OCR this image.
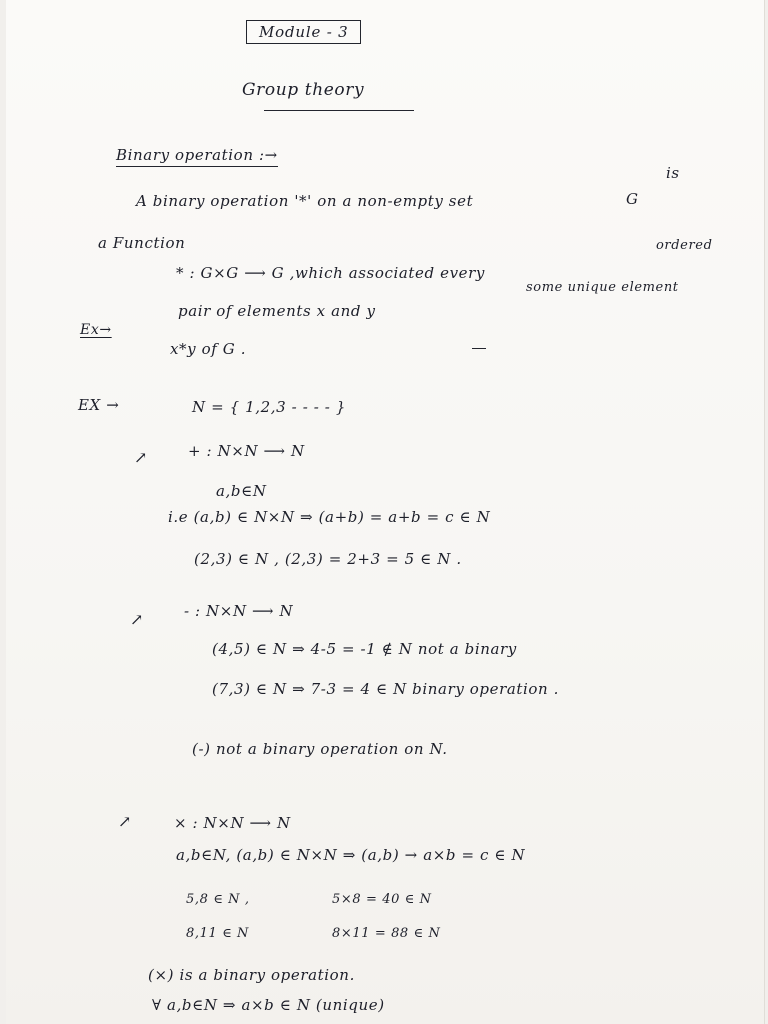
Module - 3
Group theory
Binary operation :→
A binary operation '*' on a non-empty set	G
is
a Function
* : G×G ⟶ G ,which associated every
ordered
pair of elements x and y
some unique element
Ex→
x*y of G .
EX →	N = { 1,2,3 - - - - }
↗	+ : N×N ⟶ N
a,b∈N
i.e (a,b) ∈ N×N ⇒ (a+b) = a+b = c ∈ N
(2,3) ∈ N , (2,3) = 2+3 = 5 ∈ N .
↗	- : N×N ⟶ N
(4,5) ∈ N ⇒ 4-5 = -1 ∉ N not a binary
(7,3) ∈ N ⇒ 7-3 = 4 ∈ N binary operation .
(-) not a binary operation on N.
↗	× : N×N ⟶ N
a,b∈N, (a,b) ∈ N×N ⇒ (a,b) → a×b = c ∈ N
5,8 ∈ N ,	5×8 = 40 ∈ N
8,11 ∈ N	8×11 = 88 ∈ N
(×) is a binary operation.
∀ a,b∈N ⇒ a×b ∈ N (unique)
